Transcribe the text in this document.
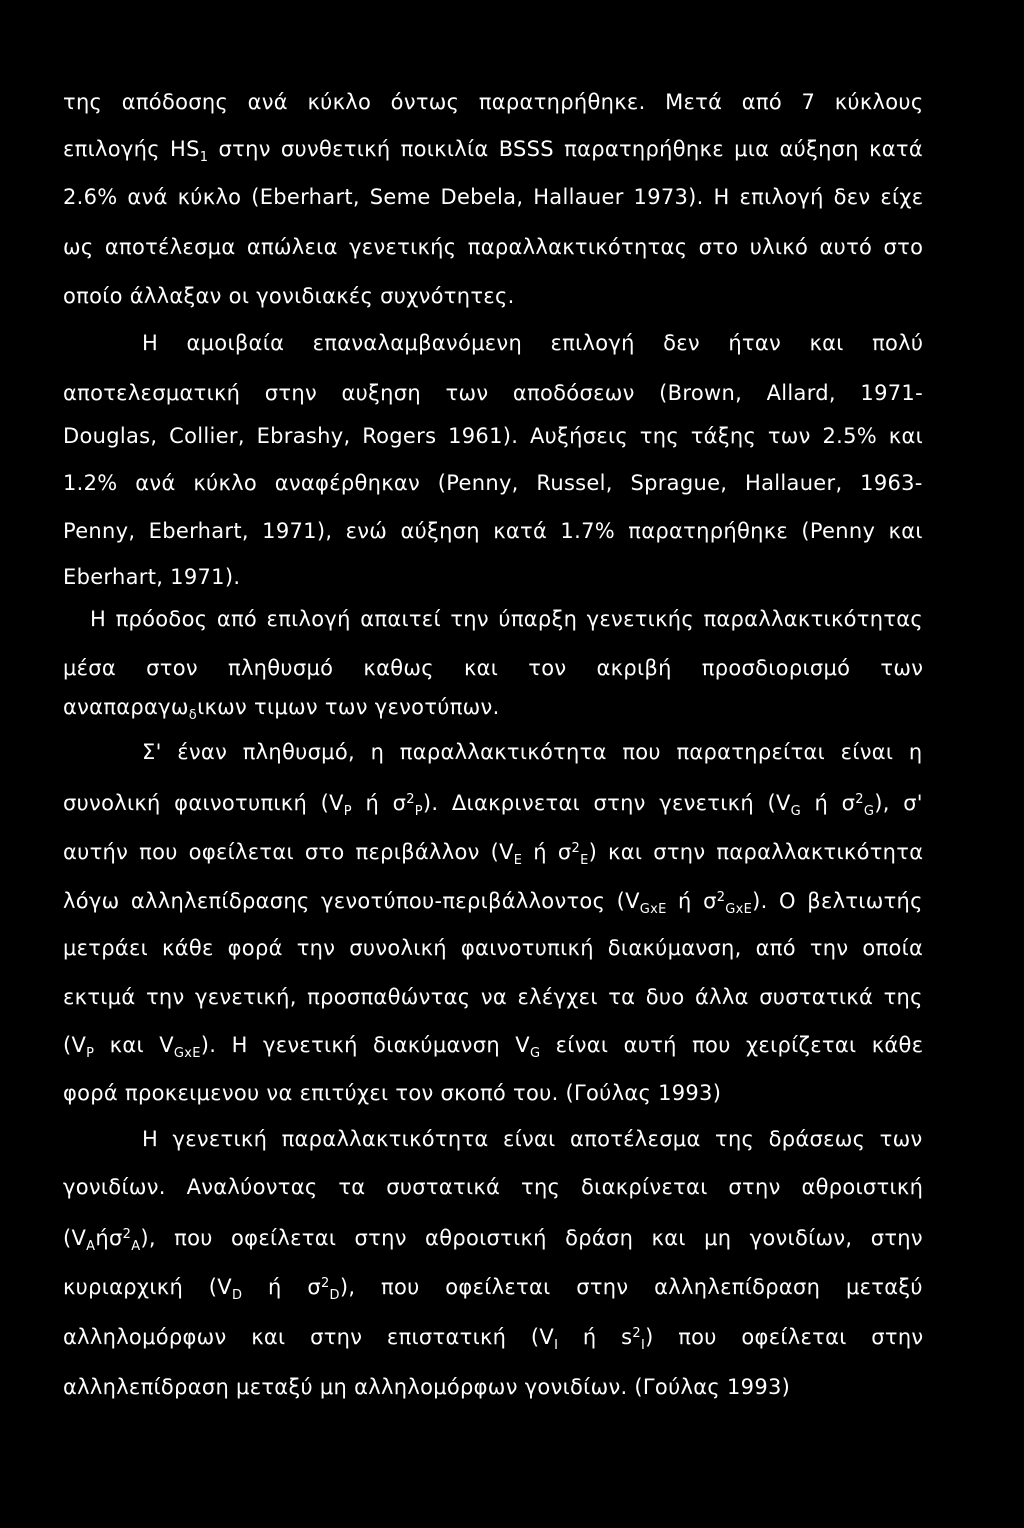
της απόδοσης ανά κύκλο όντως παρατηρήθηκε. Μετά από 7 κύκλους
επιλογής $HS_1$ στην συνθετική ποικιλία BSSS παρατηρήθηκε μια αύξηση κατά
2.6% ανά κύκλο (Eberhart, Seme Debela, Hallauer 1973). Η επιλογή δεν είχε
ως αποτέλεσμα απώλεια γενετικής παραλλακτικότητας στο υλικό αυτό στο
οποίο άλλαξαν οι γονιδιακές συχνότητες.
Η αμοιβαία επαναλαμβανόμενη επιλογή δεν ήταν και πολύ
αποτελεσματική στην αυξηση των αποδόσεων (Brown, Allard, 1971-
Douglas, Collier, Ebrashy, Rogers 1961). Αυξήσεις της τάξης των 2.5% και
1.2% ανά κύκλο αναφέρθηκαν (Penny, Russel, Sprague, Hallauer, 1963-
Penny, Eberhart, 1971), ενώ αύξηση κατά 1.7% παρατηρήθηκε (Penny και
Eberhart, 1971).
Η πρόοδος από επιλογή απαιτεί την ύπαρξη γενετικής παραλλακτικότητας
μέσα στον πληθυσμό καθως και τον ακριβή προσδιορισμό των
αναπαραγω$_\delta$ικων τιμων των γενοτύπων.
Σ' έναν πληθυσμό, η παραλλακτικότητα που παρατηρείται είναι η
συνολική φαινοτυπική ($V_P$ ή $\sigma^2_P$). Διακρινεται στην γενετική ($V_G$ ή $\sigma^2_G$), σ'
αυτήν που οφείλεται στο περιβάλλον ($V_E$ ή $\sigma^2_E$) και στην παραλλακτικότητα
λόγω αλληλεπίδρασης γενοτύπου-περιβάλλοντος ($V_{GxE}$ ή $\sigma^2_{GxE}$). Ο βελτιωτής
μετράει κάθε φορά την συνολική φαινοτυπική διακύμανση, από την οποία
εκτιμά την γενετική, προσπαθώντας να ελέγχει τα δυο άλλα συστατικά της
($V_P$ και $V_{GxE}$). Η γενετική διακύμανση $V_G$ είναι αυτή που χειρίζεται κάθε
φορά προκειμενου να επιτύχει τον σκοπό του. (Γούλας 1993)
Η γενετική παραλλακτικότητα είναι αποτέλεσμα της δράσεως των
γονιδίων. Αναλύοντας τα συστατικά της διακρίνεται στην αθροιστική
$(V_Aή\sigma^2_A)$, που οφείλεται στην αθροιστική δράση και μη γονιδίων, στην
κυριαρχική ($V_D$ ή $\sigma^2_D$), που οφείλεται στην αλληλεπίδραση μεταξύ
αλληλομόρφων και στην επιστατική ($V_I$ ή $s^2_I$) που οφείλεται στην
αλληλεπίδραση μεταξύ μη αλληλομόρφων γονιδίων. (Γούλας 1993)
